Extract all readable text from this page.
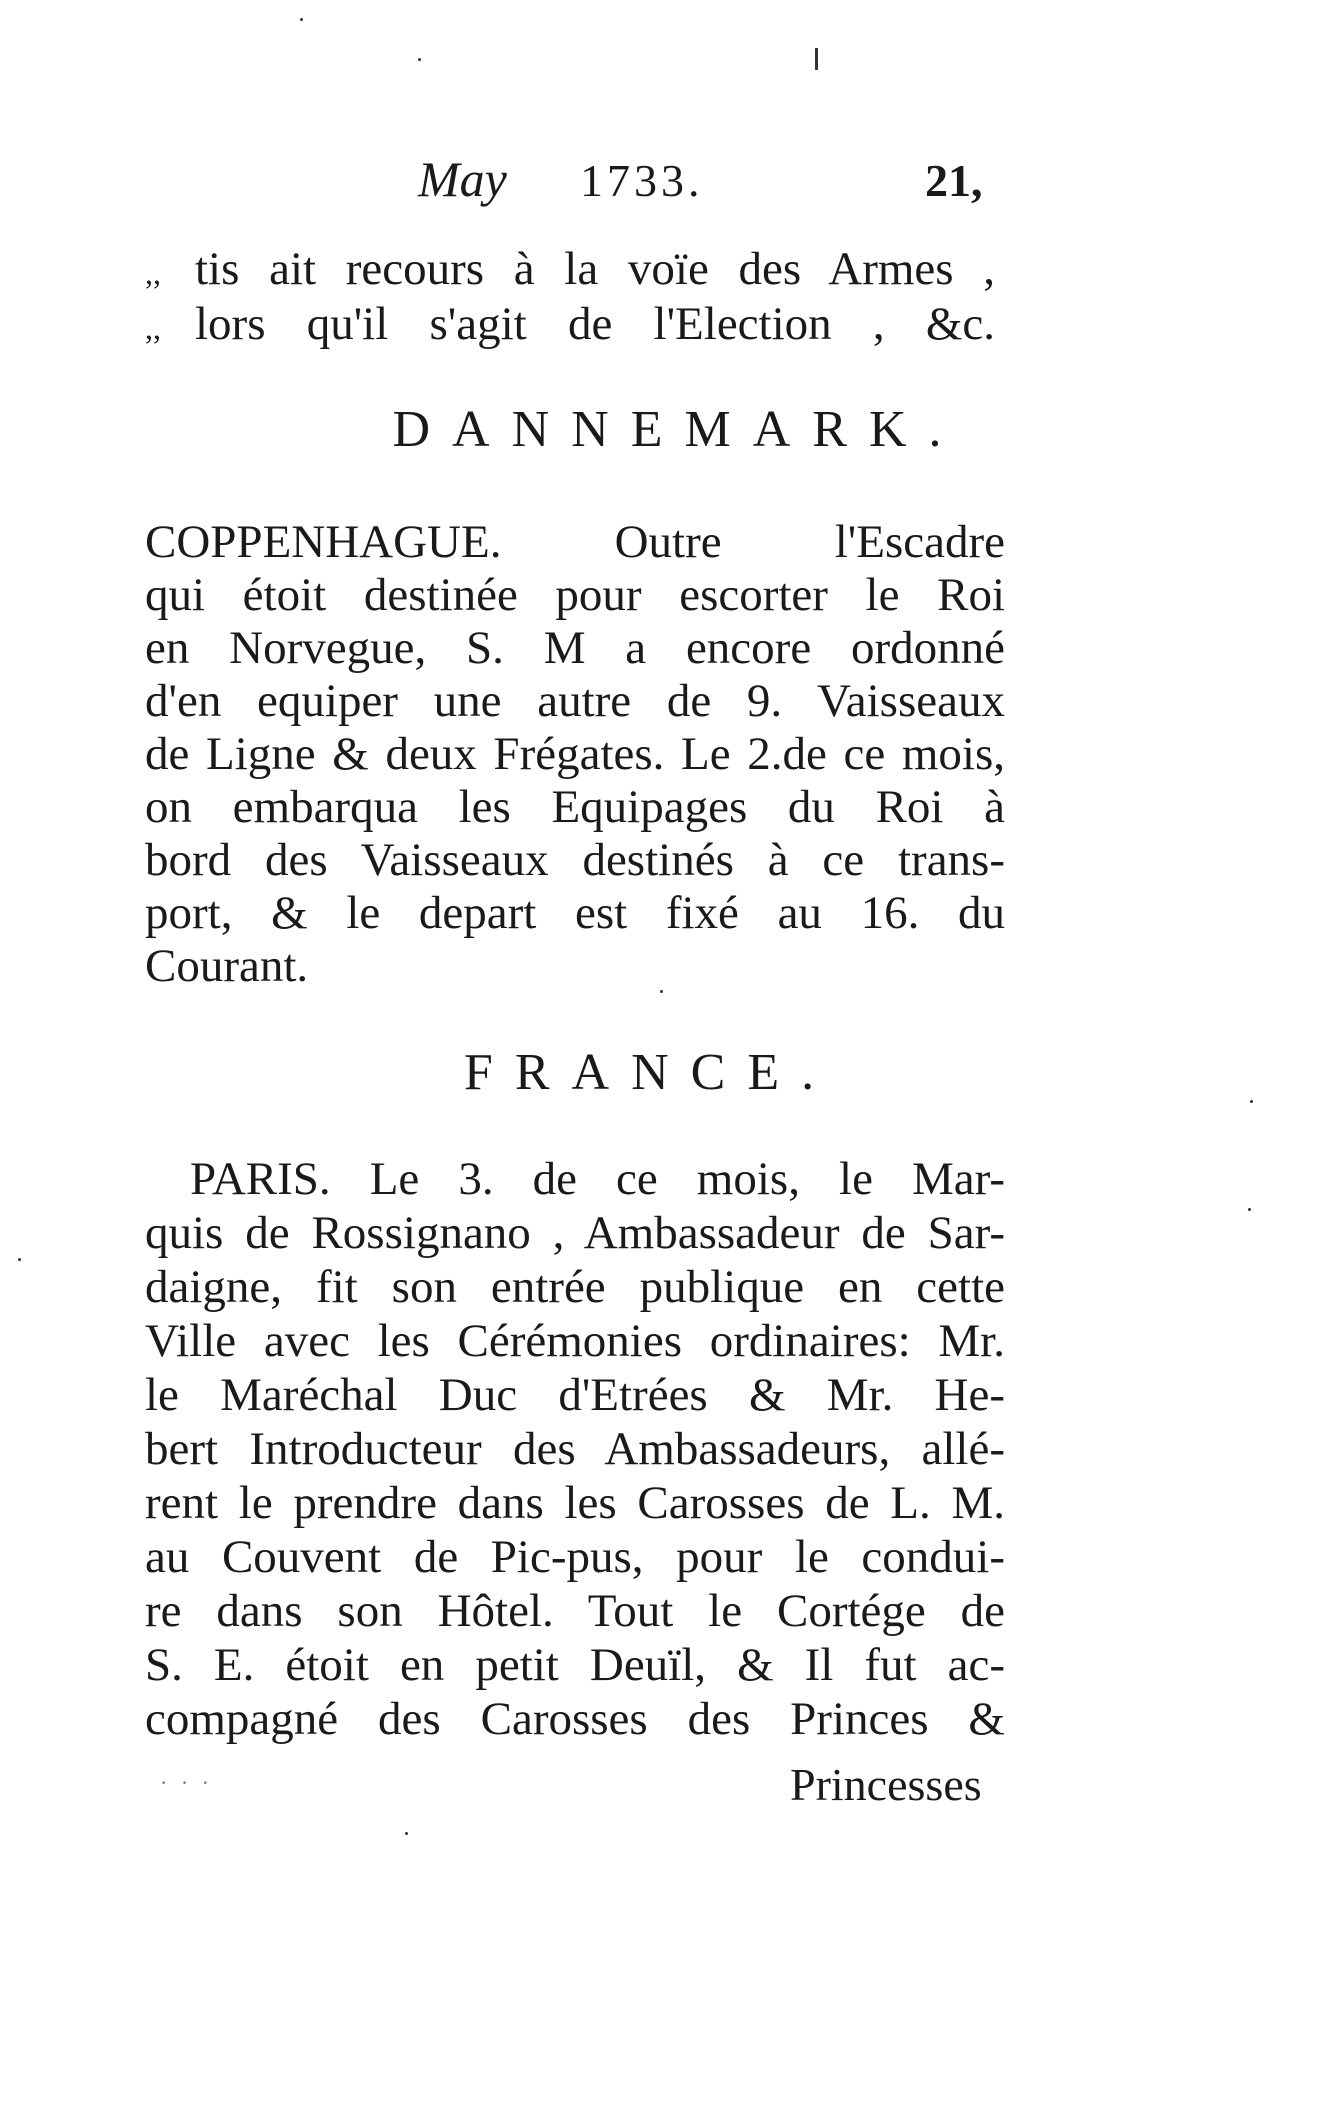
May 1733.	21,
,, tis ait recours à la voïe des Armes ,
,, lors qu'il s'agit de l'Election , &c.
DANNEMARK.
COPPENHAGUE. Outre l'Escadre
qui étoit destinée pour escorter le Roi
en Norvegue, S. M a encore ordonné
d'en equiper une autre de 9. Vaisseaux
de Ligne & deux Frégates. Le 2.de ce mois,
on embarqua les Equipages du Roi à
bord des Vaisseaux destinés à ce trans-
port, & le depart est fixé au 16. du
Courant.
FRANCE.
PARIS. Le 3. de ce mois, le Mar-
quis de Rossignano , Ambassadeur de Sar-
daigne, fit son entrée publique en cette
Ville avec les Cérémonies ordinaires: Mr.
le Maréchal Duc d'Etrées & Mr. He-
bert Introducteur des Ambassadeurs, allé-
rent le prendre dans les Carosses de L. M.
au Couvent de Pic-pus, pour le condui-
re dans son Hôtel. Tout le Cortége de
S. E. étoit en petit Deuïl, & Il fut ac-
compagné des Carosses des Princes &
· · ·	Princesses
